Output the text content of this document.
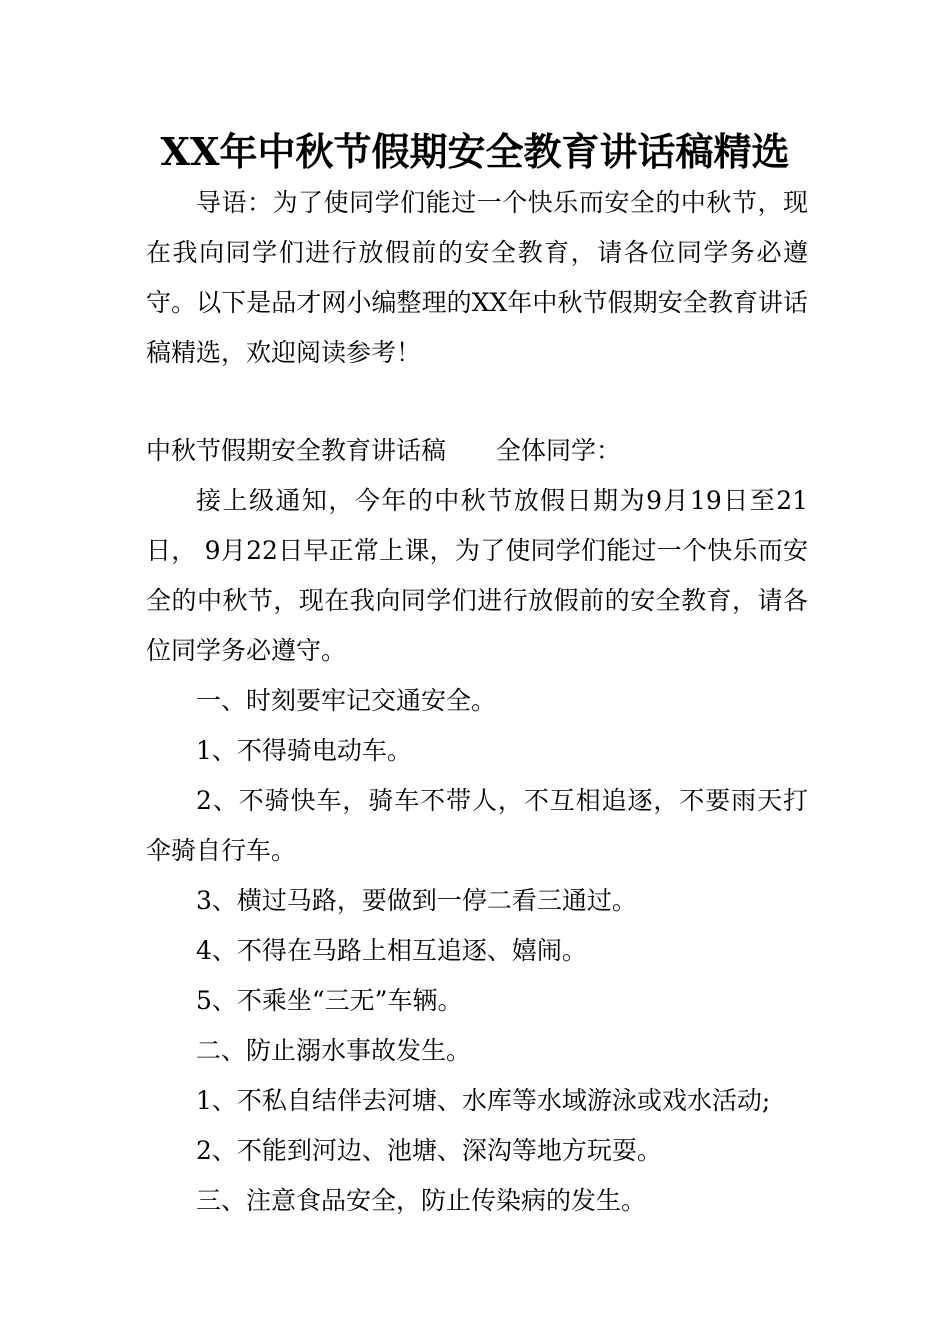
XX年中秋节假期安全教育讲话稿精选

导语：为了使同学们能过一个快乐而安全的中秋节，现在我向同学们进行放假前的安全教育，请各位同学务必遵守。以下是品才网小编整理的XX年中秋节假期安全教育讲话稿精选，欢迎阅读参考！

中秋节假期安全教育讲话稿 全体同学：

接上级通知，今年的中秋节放假日期为9月19日至21日， 9月22日早正常上课，为了使同学们能过一个快乐而安全的中秋节，现在我向同学们进行放假前的安全教育，请各位同学务必遵守。

一、时刻要牢记交通安全。

1、不得骑电动车。

2、不骑快车，骑车不带人，不互相追逐，不要雨天打伞骑自行车。

3、横过马路，要做到一停二看三通过。

4、不得在马路上相互追逐、嬉闹。

5、不乘坐“三无”车辆。

二、防止溺水事故发生。

1、不私自结伴去河塘、水库等水域游泳或戏水活动;

2、不能到河边、池塘、深沟等地方玩耍。

三、注意食品安全，防止传染病的发生。
